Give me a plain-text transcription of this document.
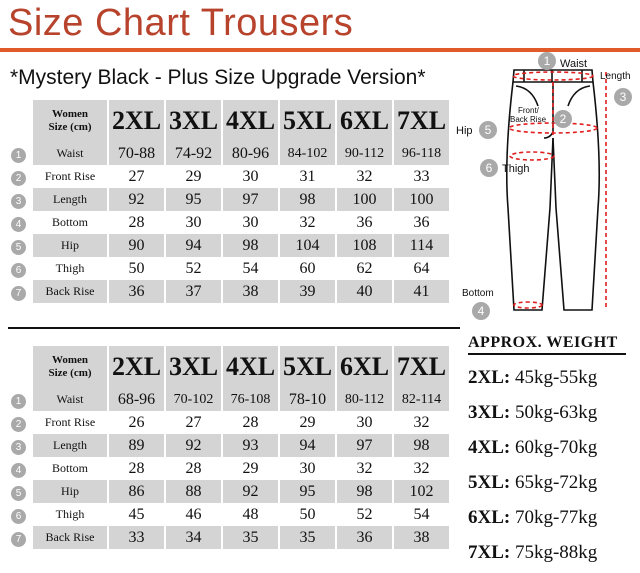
Size Chart Trousers
*Mystery Black - Plus Size Upgrade Version*

	Women
Size (cm)	2XL	3XL	4XL	5XL	6XL	7XL
1	Waist	70-88	74-92	80-96	84-102	90-112	96-118
2	Front Rise	27	29	30	31	32	33
3	Length	92	95	97	98	100	100
4	Bottom	28	30	30	32	36	36
5	Hip	90	94	98	104	108	114
6	Thigh	50	52	54	60	62	64
7	Back Rise	36	37	38	39	40	41

	Women
Size (cm)	2XL	3XL	4XL	5XL	6XL	7XL
1	Waist	68-96	70-102	76-108	78-10	80-112	82-114
2	Front Rise	26	27	28	29	30	32
3	Length	89	92	93	94	97	98
4	Bottom	28	28	29	30	32	32
5	Hip	86	88	92	95	98	102
6	Thigh	45	46	48	50	52	54
7	Back Rise	33	34	35	35	36	38
1 Waist
Length
3
Front/
Back Rise	2
Hip	5
6 Thigh
Bottom
4
APPROX. WEIGHT
2XL: 45kg-55kg
3XL: 50kg-63kg
4XL: 60kg-70kg
5XL: 65kg-72kg
6XL: 70kg-77kg
7XL: 75kg-88kg
